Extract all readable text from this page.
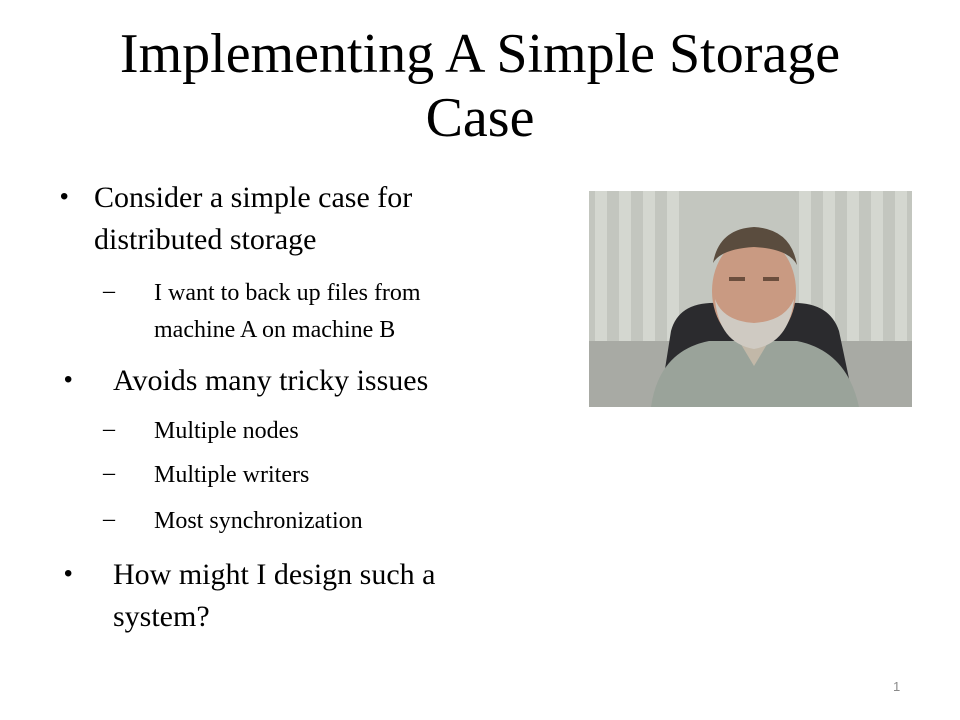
Implementing A Simple Storage
Case
• Consider a simple case for
distributed storage
– I want to back up files from
machine A on machine B
• Avoids many tricky issues
– Multiple nodes
– Multiple writers
– Most synchronization
• How might I design such a
system?
1
